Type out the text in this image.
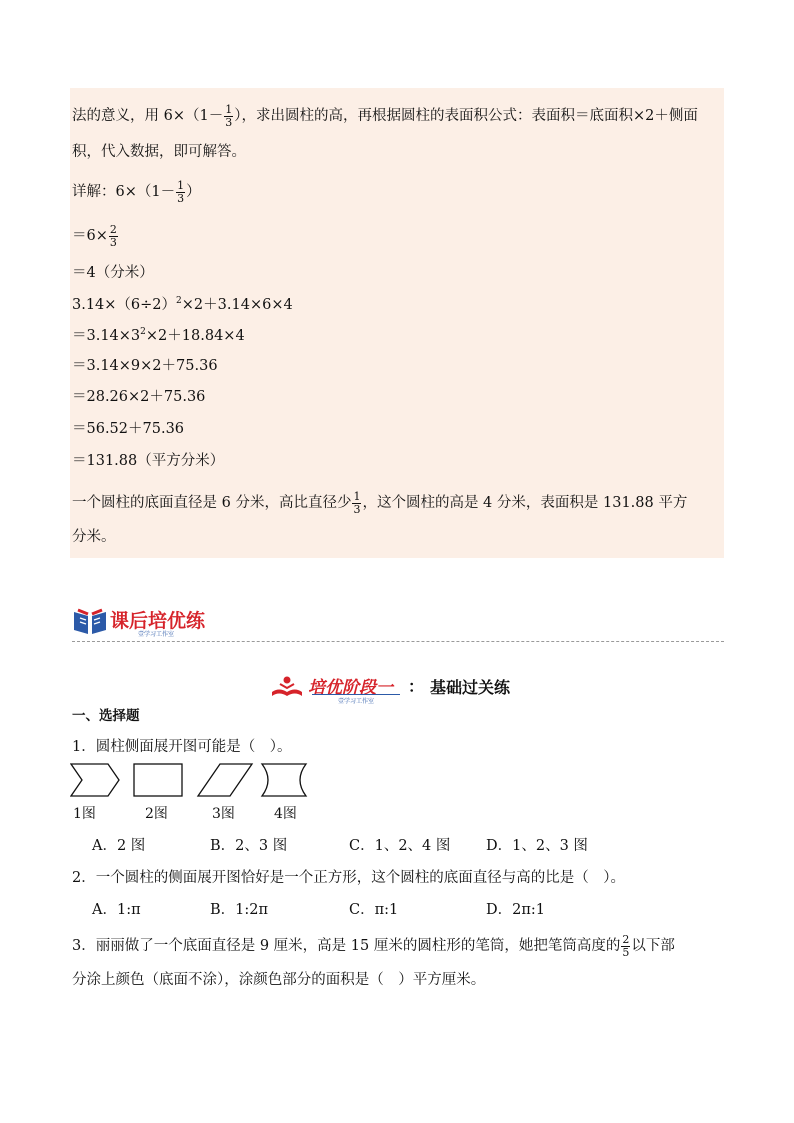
法的意义，用 $6\times(1- \frac{1}{3}$ ），求出圆柱的高，再根据圆柱的表面积公式：表面积＝底面积×2＋侧面
积，代入数据，即可解答。
详解：$6\times(1- \frac{1}{3}$ ）
$=6\times \frac{2}{3}$
＝4（分米）
$3.14\times(6\div 2)^2\times 2+3.14\times 6\times 4$
$=3.14\times 3^2\times 2+18.84\times 4$
＝3.14×9×2＋75.36
＝28.26×2＋75.36
＝56.52＋75.36
＝131.88（平方分米）
一个圆柱的底面直径是 6 分米，高比直径少 $\frac{1}{3}$ ，这个圆柱的高是 4 分米，表面积是 131.88 平方
分米。
课后培优练
壹学习工作室
培优阶段一 ： 基础过关练
壹学习工作室
一、选择题
1．圆柱侧面展开图可能是（　）。
1图	2图	3图	4图
A．2 图	B．2、3 图	C．1、2、4 图 D．1、2、3 图
2．一个圆柱的侧面展开图恰好是一个正方形，这个圆柱的底面直径与高的比是（　）。
A．1:π	B．1:2π	C．π:1	D．2π:1
3．丽丽做了一个底面直径是 9 厘米，高是 15 厘米的圆柱形的笔筒，她把笔筒高度的 $\frac{2}{5}$ 以下部
分涂上颜色（底面不涂），涂颜色部分的面积是（　）平方厘米。
